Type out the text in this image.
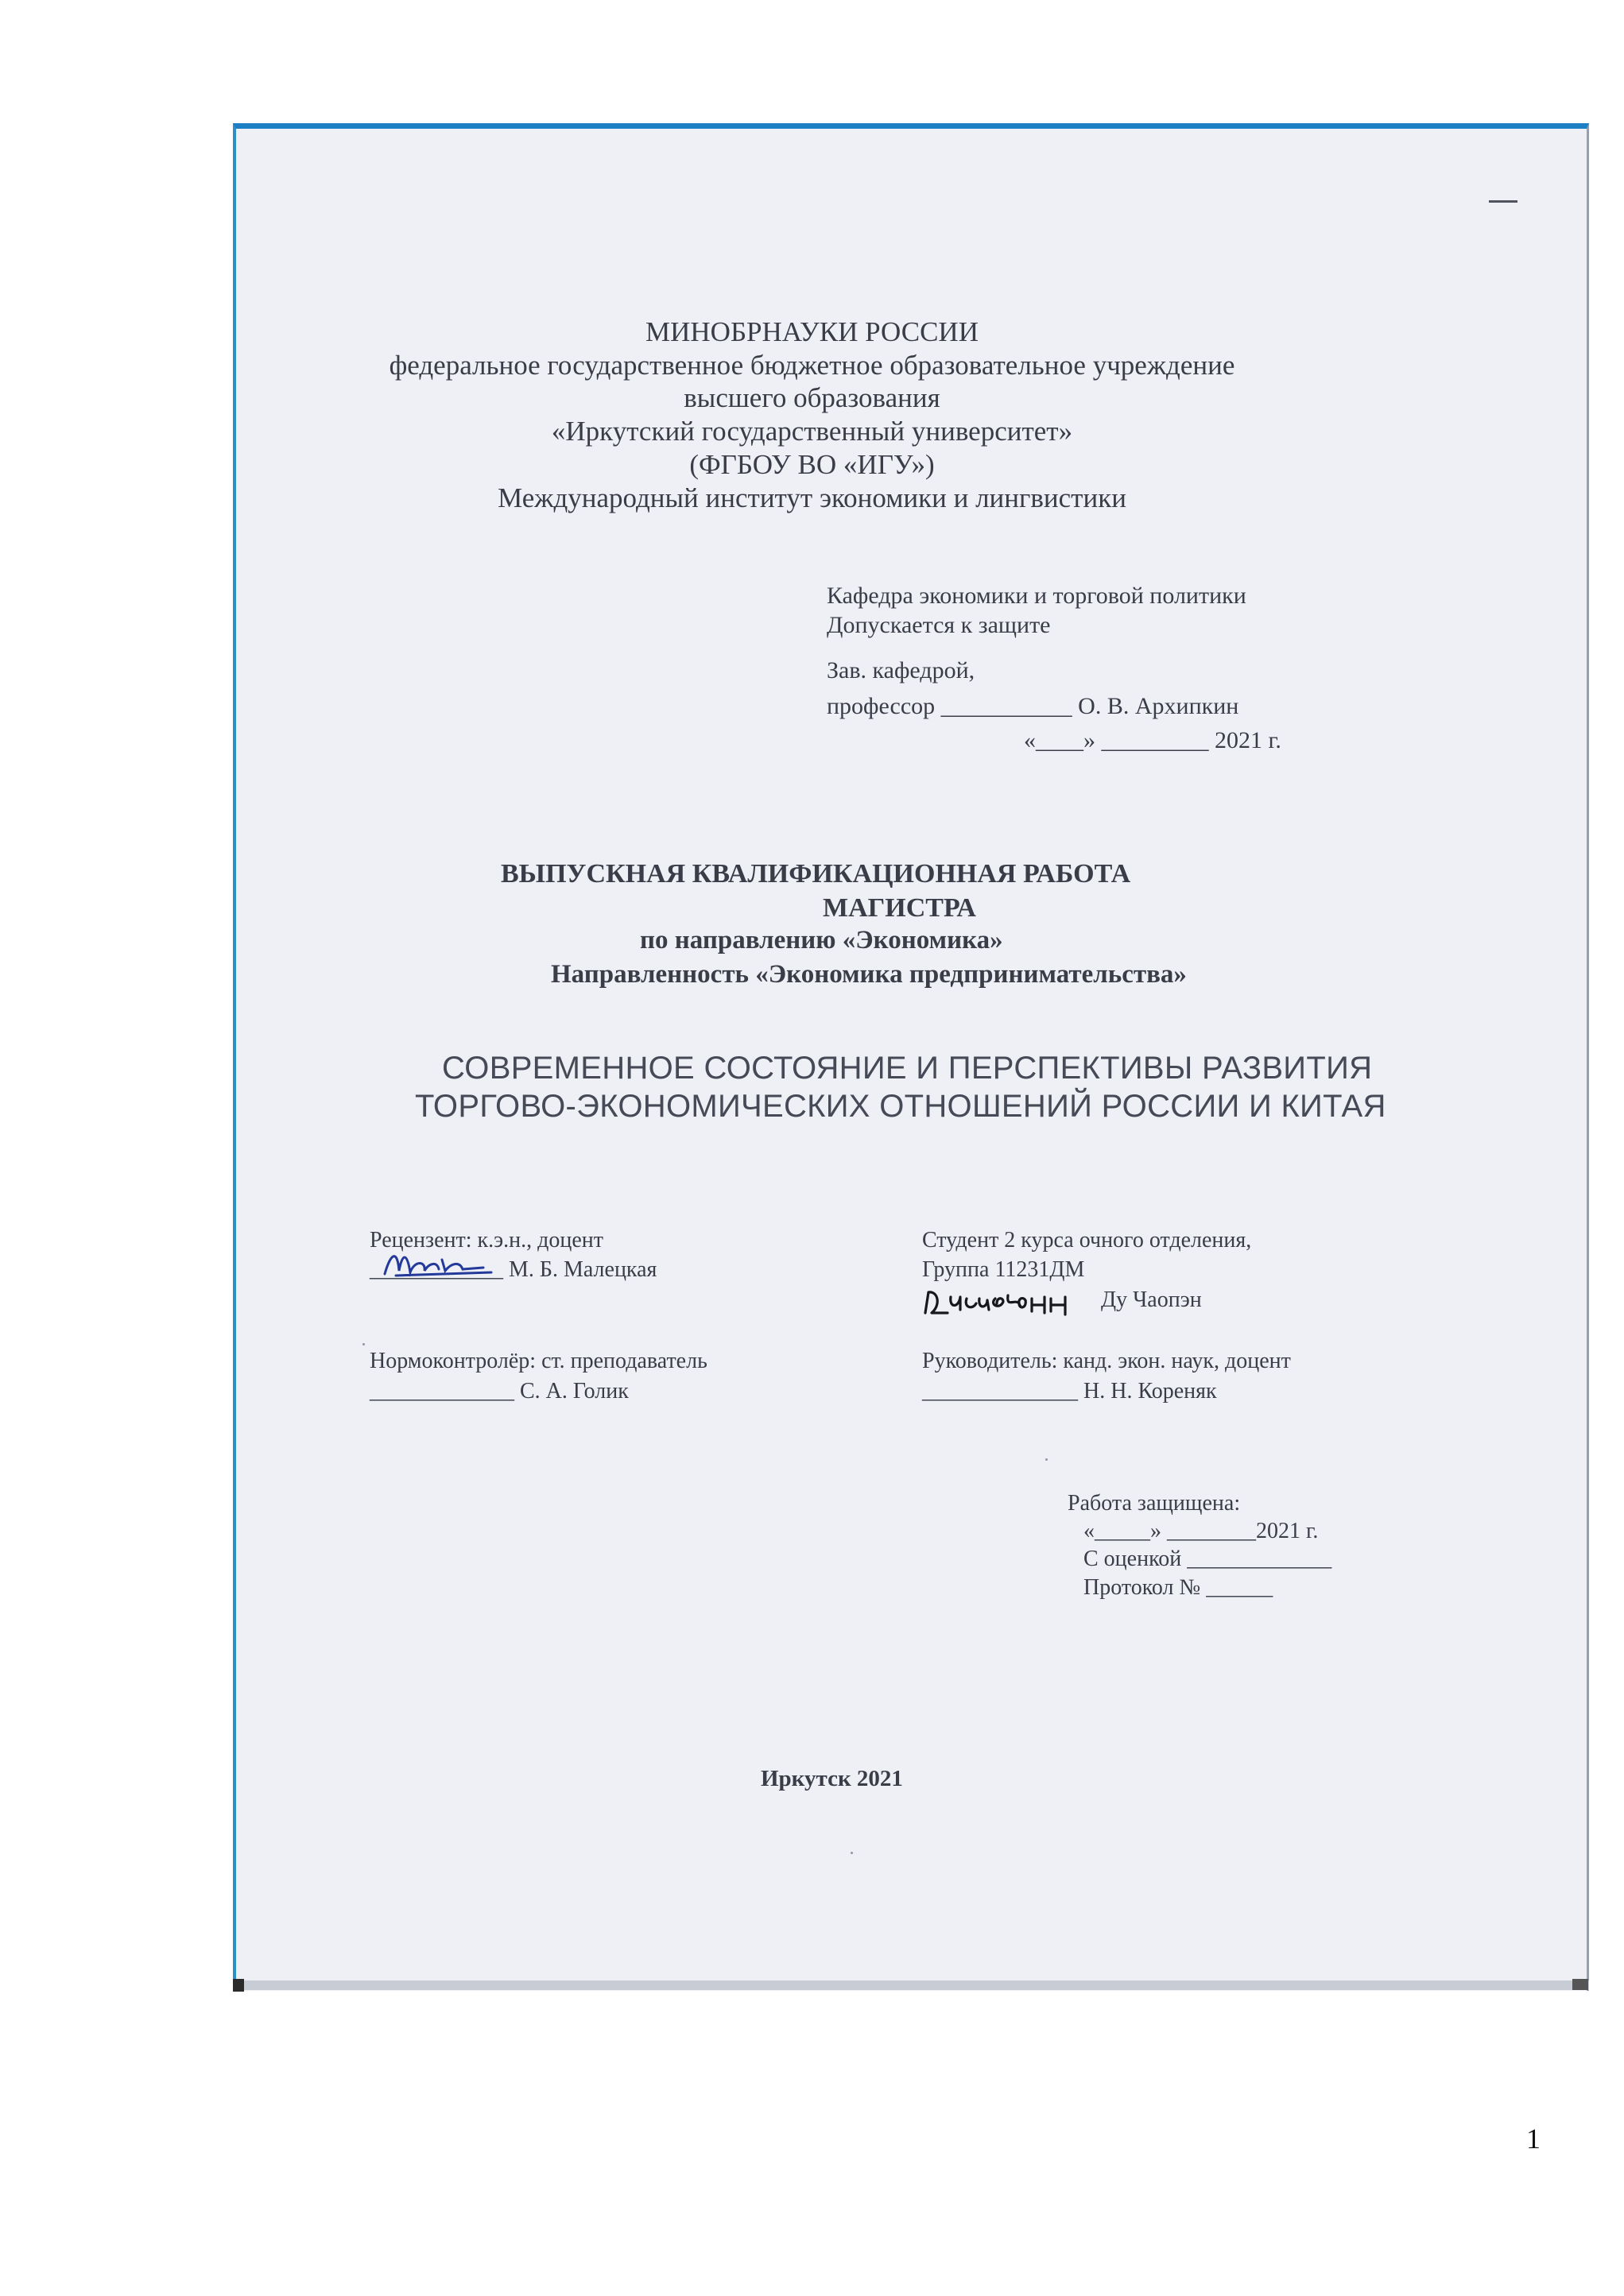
МИНОБРНАУКИ РОССИИ
федеральное государственное бюджетное образовательное учреждение
высшего образования
«Иркутский государственный университет»
(ФГБОУ ВО «ИГУ»)
Международный институт экономики и лингвистики
Кафедра экономики и торговой политики
Допускается к защите
Зав. кафедрой,
профессор ___________ О. В. Архипкин
«____» _________ 2021 г.
ВЫПУСКНАЯ КВАЛИФИКАЦИОННАЯ РАБОТА
МАГИСТРА
по направлению «Экономика»
Направленность «Экономика предпринимательства»
СОВРЕМЕННОЕ СОСТОЯНИЕ И ПЕРСПЕКТИВЫ РАЗВИТИЯ
ТОРГОВО-ЭКОНОМИЧЕСКИХ ОТНОШЕНИЙ РОССИИ И КИТАЯ
Рецензент: к.э.н., доцент
____________ М. Б. Малецкая
Студент 2 курса очного отделения,
Группа 11231ДМ
Ду Чаопэн
Нормоконтролёр: ст. преподаватель
_____________ С. А. Голик
Руководитель: канд. экон. наук, доцент
______________ Н. Н. Кореняк
Работа защищена:
«_____» ________2021 г.
С оценкой _____________
Протокол № ______
Иркутск 2021
1
